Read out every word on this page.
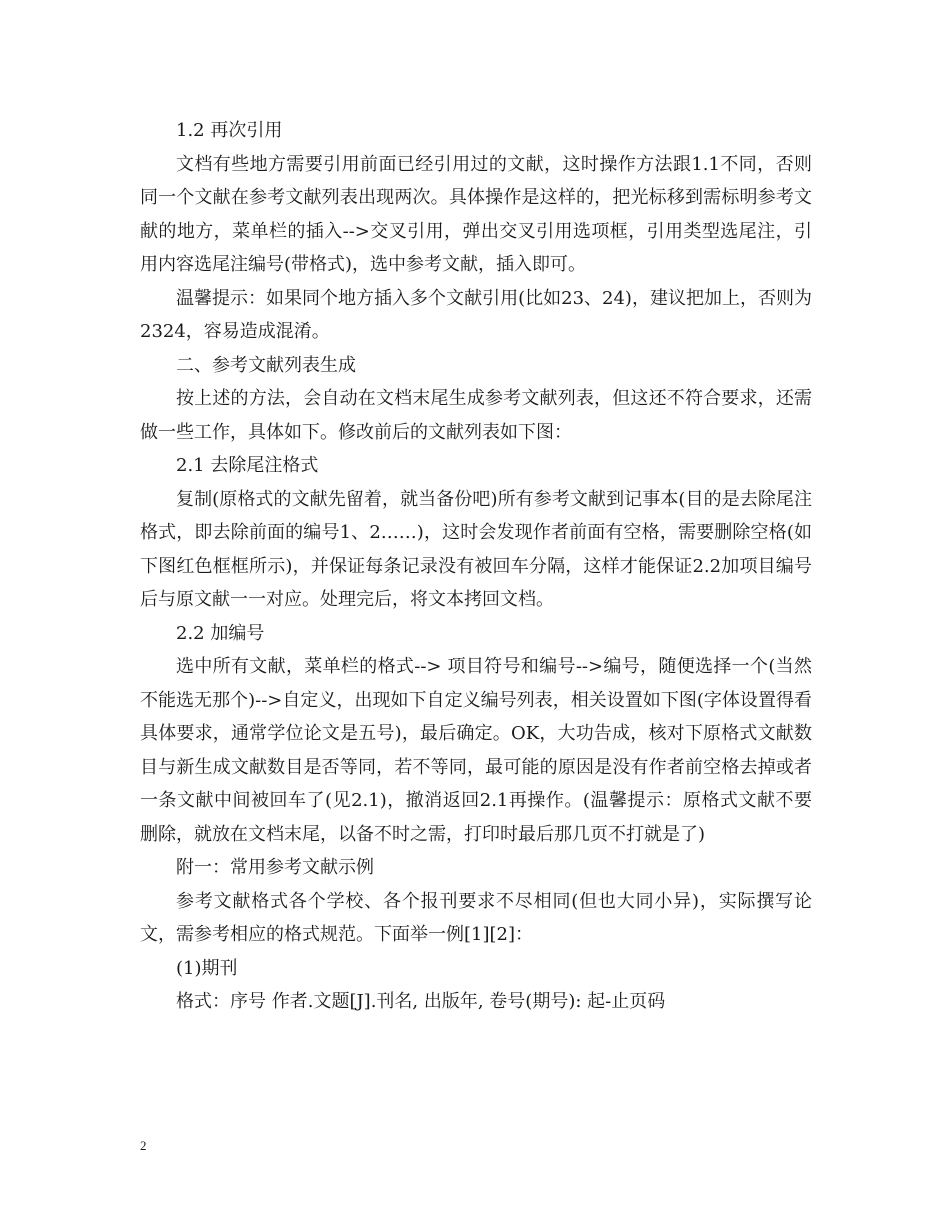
1.2 再次引用

文档有些地方需要引用前面已经引用过的文献，这时操作方法跟1.1不同，否则同一个文献在参考文献列表出现两次。具体操作是这样的，把光标移到需标明参考文献的地方，菜单栏的插入-->交叉引用，弹出交叉引用选项框，引用类型选尾注，引用内容选尾注编号(带格式)，选中参考文献，插入即可。

温馨提示：如果同个地方插入多个文献引用(比如23、24)，建议把加上，否则为2324，容易造成混淆。

二、参考文献列表生成

按上述的方法，会自动在文档末尾生成参考文献列表，但这还不符合要求，还需做一些工作，具体如下。修改前后的文献列表如下图：

2.1 去除尾注格式

复制(原格式的文献先留着，就当备份吧)所有参考文献到记事本(目的是去除尾注格式，即去除前面的编号1、2……)，这时会发现作者前面有空格，需要删除空格(如下图红色框框所示)，并保证每条记录没有被回车分隔，这样才能保证2.2加项目编号后与原文献一一对应。处理完后，将文本拷回文档。

2.2 加编号

选中所有文献，菜单栏的格式--> 项目符号和编号-->编号，随便选择一个(当然不能选无那个)-->自定义，出现如下自定义编号列表，相关设置如下图(字体设置得看具体要求，通常学位论文是五号)，最后确定。OK，大功告成，核对下原格式文献数目与新生成文献数目是否等同，若不等同，最可能的原因是没有作者前空格去掉或者一条文献中间被回车了(见2.1)，撤消返回2.1再操作。(温馨提示：原格式文献不要删除，就放在文档末尾，以备不时之需，打印时最后那几页不打就是了)

附一：常用参考文献示例

参考文献格式各个学校、各个报刊要求不尽相同(但也大同小异)，实际撰写论文，需参考相应的格式规范。下面举一例[1][2]：

(1)期刊

格式：序号 作者.文题[J].刊名, 出版年, 卷号(期号): 起-止页码

2
